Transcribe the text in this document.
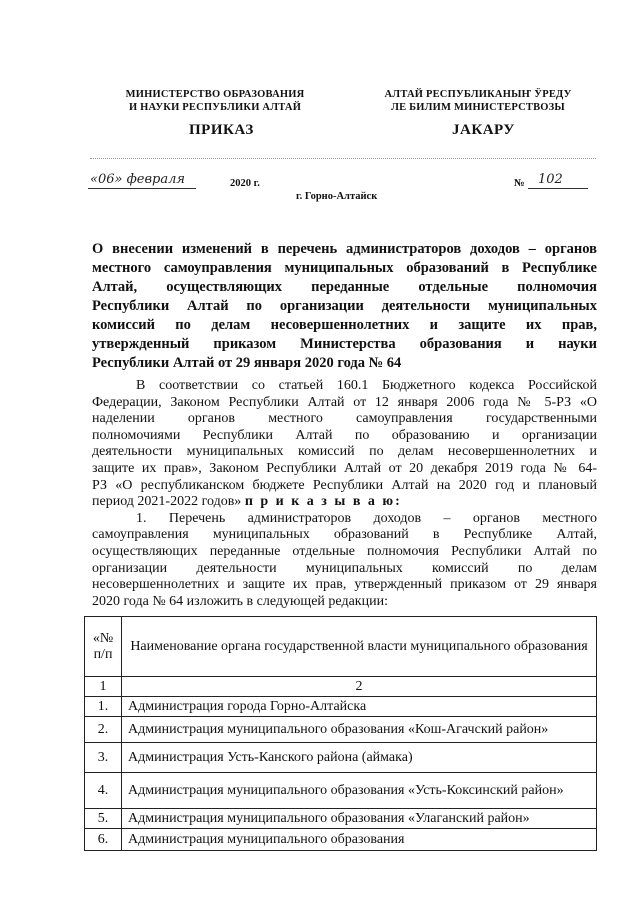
МИНИСТЕРСТВО ОБРАЗОВАНИЯ
И НАУКИ РЕСПУБЛИКИ АЛТАЙ
АЛТАЙ РЕСПУБЛИКАНЫҤ ӰРЕДУ
ЛЕ БИЛИМ МИНИСТЕРСТВОЗЫ
ПРИКАЗ	JАКАРУ
«06» февраля	2020 г.	№ 102
г. Горно-Алтайск
О внесении изменений в перечень администраторов доходов – органов
местного самоуправления муниципальных образований в Республике
Алтай, осуществляющих переданные отдельные полномочия
Республики Алтай по организации деятельности муниципальных
комиссий по делам несовершеннолетних и защите их прав,
утвержденный приказом Министерства образования и науки
Республики Алтай от 29 января 2020 года № 64
В соответствии со статьей 160.1 Бюджетного кодекса Российской
Федерации, Законом Республики Алтай от 12 января 2006 года № 5-РЗ «О
наделении органов местного самоуправления государственными
полномочиями Республики Алтай по образованию и организации
деятельности муниципальных комиссий по делам несовершеннолетних и
защите их прав», Законом Республики Алтай от 20 декабря 2019 года № 64-
РЗ «О республиканском бюджете Республики Алтай на 2020 год и плановый
период 2021-2022 годов» п р и к а з ы в а ю:
1. Перечень администраторов доходов – органов местного
самоуправления муниципальных образований в Республике Алтай,
осуществляющих переданные отдельные полномочия Республики Алтай по
организации деятельности муниципальных комиссий по делам
несовершеннолетних и защите их прав, утвержденный приказом от 29 января
2020 года № 64 изложить в следующей редакции:
«№ п/п	Наименование органа государственной власти муниципального образования
1	2
1.	Администрация города Горно-Алтайска
2.	Администрация муниципального образования «Кош-Агачский район»
3.	Администрация Усть-Канского района (аймака)
4.	Администрация муниципального образования «Усть-Коксинский район»
5.	Администрация муниципального образования «Улаганский район»
6.	Администрация муниципального образования
